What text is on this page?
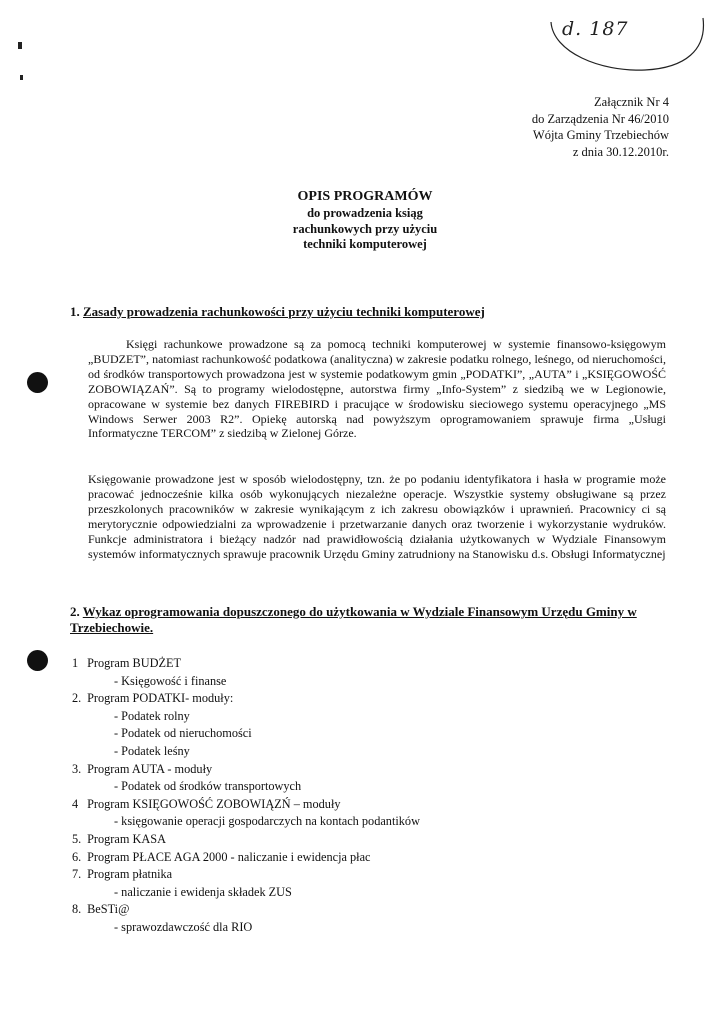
d. 187
Załącznik Nr 4
do Zarządzenia Nr 46/2010
Wójta Gminy Trzebiechów
z dnia 30.12.2010r.
OPIS PROGRAMÓW
do prowadzenia ksiąg
rachunkowych przy użyciu
techniki komputerowej
1. Zasady prowadzenia rachunkowości przy użyciu techniki komputerowej

Księgi rachunkowe prowadzone są za pomocą techniki komputerowej w systemie finansowo-księgowym „BUDZET”, natomiast rachunkowość podatkowa (analityczna) w zakresie podatku rolnego, leśnego, od nieruchomości, od środków transportowych prowadzona jest w systemie podatkowym gmin „PODATKI”, „AUTA” i „KSIĘGOWOŚĆ ZOBOWIĄZAŃ”. Są to programy wielodostępne, autorstwa firmy „Info-System” z siedzibą we w Legionowie, opracowane w systemie bez danych FIREBIRD i pracujące w środowisku sieciowego systemu operacyjnego „MS Windows Serwer 2003 R2”. Opiekę autorską nad powyższym oprogramowaniem sprawuje firma „Usługi Informatyczne TERCOM” z siedzibą w Zielonej Górze.

Księgowanie prowadzone jest w sposób wielodostępny, tzn. że po podaniu identyfikatora i hasła w programie może pracować jednocześnie kilka osób wykonujących niezależne operacje. Wszystkie systemy obsługiwane są przez przeszkolonych pracowników w zakresie wynikającym z ich zakresu obowiązków i uprawnień. Pracownicy ci są merytorycznie odpowiedzialni za wprowadzenie i przetwarzanie danych oraz tworzenie i wykorzystanie wydruków. Funkcje administratora i bieżący nadzór nad prawidłowością działania użytkowanych w Wydziale Finansowym systemów informatycznych sprawuje pracownik Urzędu Gminy zatrudniony na Stanowisku d.s. Obsługi Informatycznej

2. Wykaz oprogramowania dopuszczonego do użytkowania w Wydziale Finansowym Urzędu Gminy w
Trzebiechowie.
1 Program BUDŻET
- Księgowość i finanse
2. Program PODATKI- moduły:
- Podatek rolny
- Podatek od nieruchomości
- Podatek leśny
3. Program AUTA - moduły
- Podatek od środków transportowych
4 Program KSIĘGOWOŚĆ ZOBOWIĄZŃ – moduły
- księgowanie operacji gospodarczych na kontach podantików
5. Program KASA
6. Program PŁACE AGA 2000 - naliczanie i ewidencja płac
7. Program płatnika
- naliczanie i ewidenja składek ZUS
8. BeSTi@
- sprawozdawczość dla RIO
